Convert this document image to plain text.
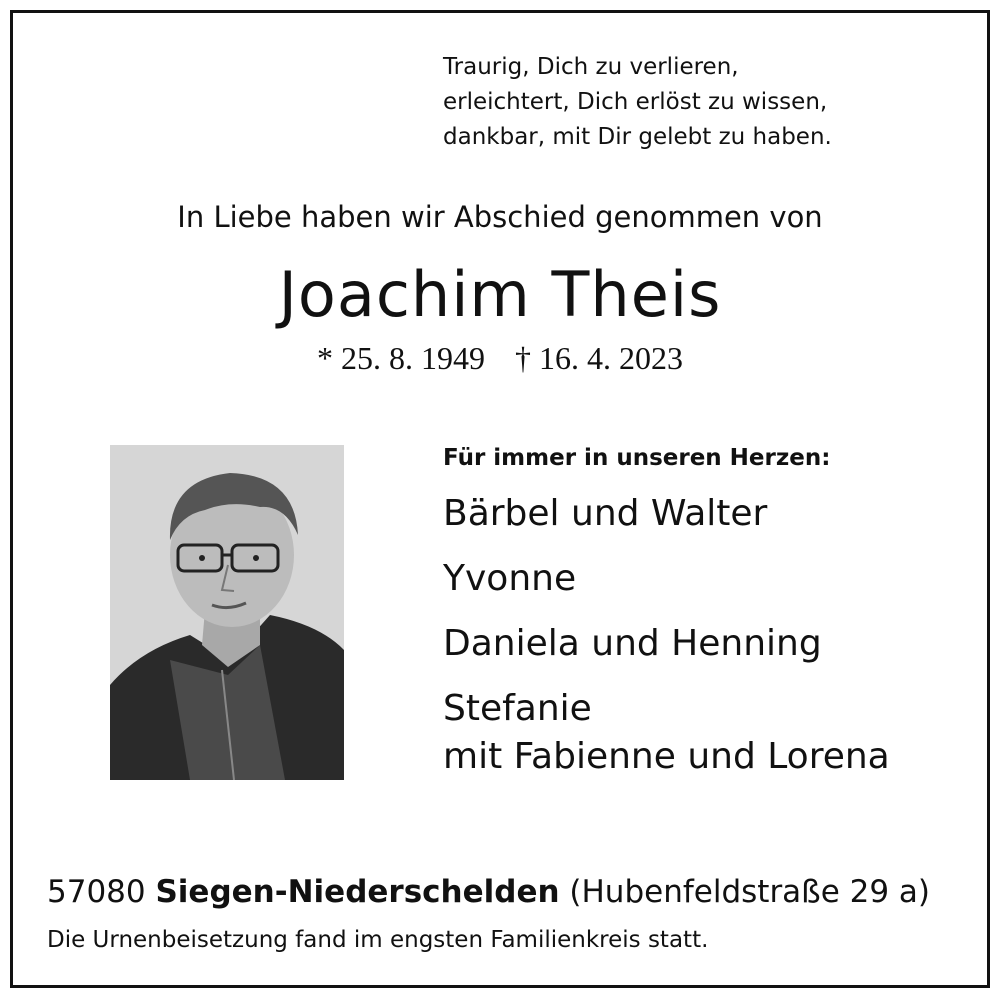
Traurig, Dich zu verlieren,
erleichtert, Dich erlöst zu wissen,
dankbar, mit Dir gelebt zu haben.
In Liebe haben wir Abschied genommen von
Joachim Theis
* 25. 8. 1949 † 16. 4. 2023
Für immer in unseren Herzen:
Bärbel und Walter
Yvonne
Daniela und Henning
Stefanie
mit Fabienne und Lorena
57080 Siegen-Niederschelden (Hubenfeldstraße 29 a)
Die Urnenbeisetzung fand im engsten Familienkreis statt.
